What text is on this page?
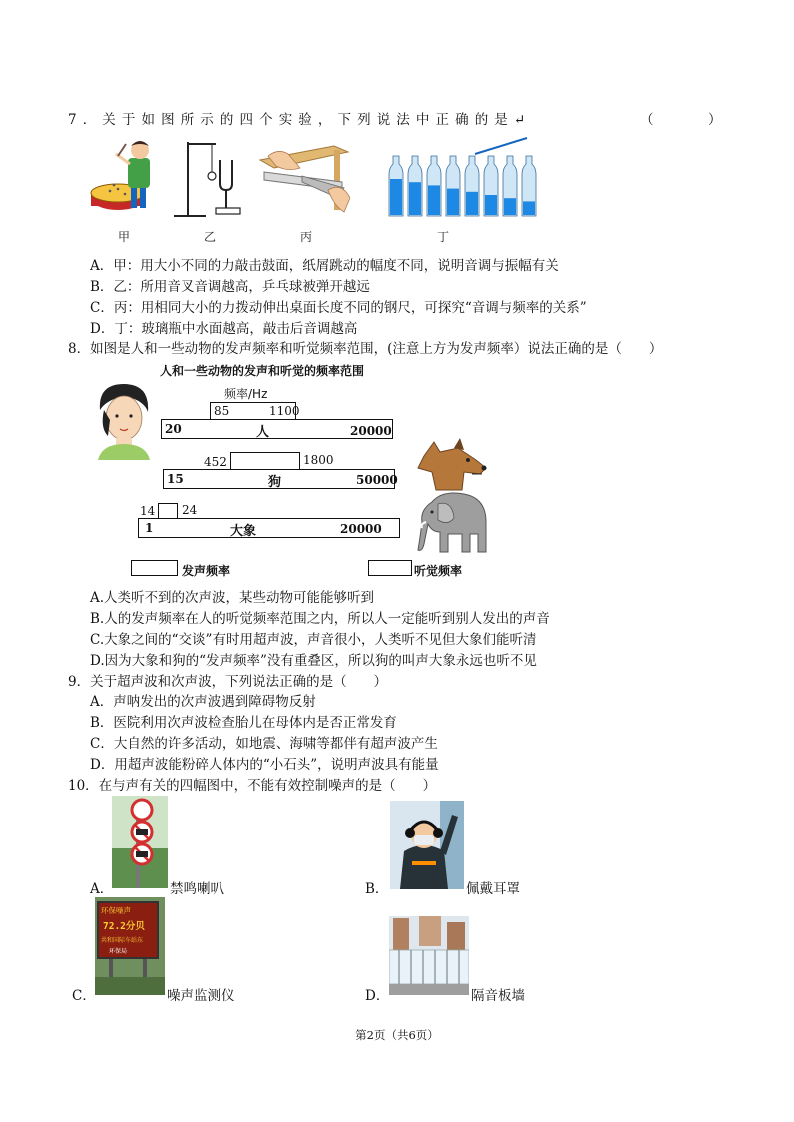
7．关于如图所示的四个实验，下列说法中正确的是↵	（	）
甲	乙	丙	丁
A．甲：用大小不同的力敲击鼓面，纸屑跳动的幅度不同，说明音调与振幅有关
B．乙：所用音叉音调越高，乒乓球被弹开越远
C．丙：用相同大小的力拨动伸出桌面长度不同的钢尺，可探究“音调与频率的关系”
D．丁：玻璃瓶中水面越高，敲击后音调越高
8．如图是人和一些动物的发声频率和听觉频率范围，(注意上方为发声频率）说法正确的是（　　）
人和一些动物的发声和听觉的频率范围
频率/Hz
85	1100
20	人	20000
452	1800
15	狗	50000
14 24
1	大象	20000
发声频率	听觉频率
A.人类听不到的次声波，某些动物可能能够听到
B.人的发声频率在人的听觉频率范围之内，所以人一定能听到别人发出的声音
C.大象之间的“交谈”有时用超声波，声音很小，人类听不见但大象们能听清
D.因为大象和狗的“发声频率”没有重叠区，所以狗的叫声大象永远也听不见
9．关于超声波和次声波，下列说法正确的是（　　）
A．声呐发出的次声波遇到障碍物反射
B．医院利用次声波检查胎儿在母体内是否正常发育
C．大自然的许多活动，如地震、海啸等都伴有超声波产生
D．用超声波能粉碎人体内的“小石头”，说明声波具有能量
10．在与声有关的四幅图中，不能有效控制噪声的是（　　）
A．	禁鸣喇叭	B．	佩戴耳罩
环保噪声
72.2分贝
共和国际车站东
环保局
C．	噪声监测仪	D．	隔音板墙
第2页（共6页）
